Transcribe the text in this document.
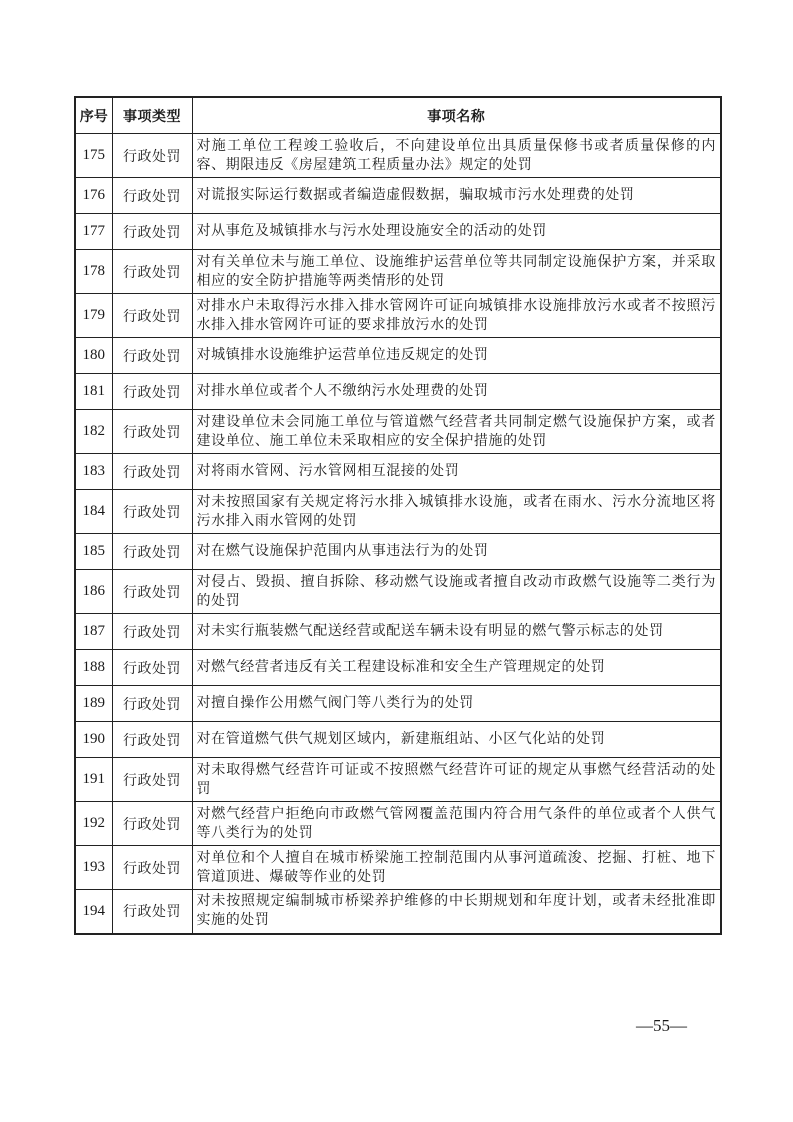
序号	事项类型	事项名称
175	行政处罚	对施工单位工程竣工验收后，不向建设单位出具质量保修书或者质量保修的内容、期限违反《房屋建筑工程质量办法》规定的处罚
176	行政处罚	对谎报实际运行数据或者编造虚假数据，骗取城市污水处理费的处罚
177	行政处罚	对从事危及城镇排水与污水处理设施安全的活动的处罚
178	行政处罚	对有关单位未与施工单位、设施维护运营单位等共同制定设施保护方案，并采取相应的安全防护措施等两类情形的处罚
179	行政处罚	对排水户未取得污水排入排水管网许可证向城镇排水设施排放污水或者不按照污水排入排水管网许可证的要求排放污水的处罚
180	行政处罚	对城镇排水设施维护运营单位违反规定的处罚
181	行政处罚	对排水单位或者个人不缴纳污水处理费的处罚
182	行政处罚	对建设单位未会同施工单位与管道燃气经营者共同制定燃气设施保护方案，或者建设单位、施工单位未采取相应的安全保护措施的处罚
183	行政处罚	对将雨水管网、污水管网相互混接的处罚
184	行政处罚	对未按照国家有关规定将污水排入城镇排水设施，或者在雨水、污水分流地区将污水排入雨水管网的处罚
185	行政处罚	对在燃气设施保护范围内从事违法行为的处罚
186	行政处罚	对侵占、毁损、擅自拆除、移动燃气设施或者擅自改动市政燃气设施等二类行为的处罚
187	行政处罚	对未实行瓶装燃气配送经营或配送车辆未设有明显的燃气警示标志的处罚
188	行政处罚	对燃气经营者违反有关工程建设标准和安全生产管理规定的处罚
189	行政处罚	对擅自操作公用燃气阀门等八类行为的处罚
190	行政处罚	对在管道燃气供气规划区域内，新建瓶组站、小区气化站的处罚
191	行政处罚	对未取得燃气经营许可证或不按照燃气经营许可证的规定从事燃气经营活动的处罚
192	行政处罚	对燃气经营户拒绝向市政燃气管网覆盖范围内符合用气条件的单位或者个人供气等八类行为的处罚
193	行政处罚	对单位和个人擅自在城市桥梁施工控制范围内从事河道疏浚、挖掘、打桩、地下管道顶进、爆破等作业的处罚
194	行政处罚	对未按照规定编制城市桥梁养护维修的中长期规划和年度计划，或者未经批准即实施的处罚
—55—
